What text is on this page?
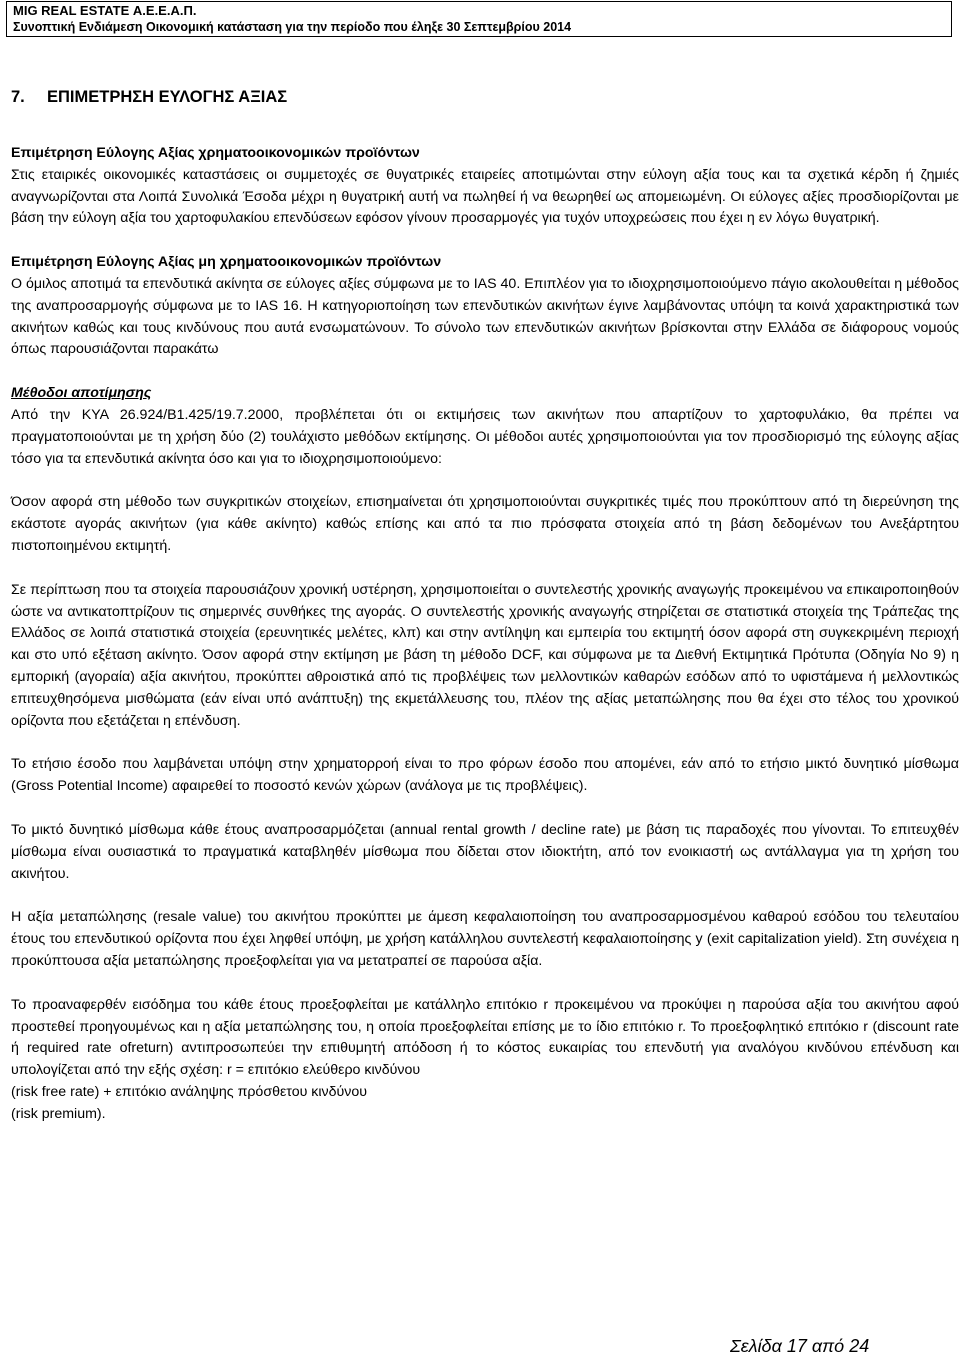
MIG REAL ESTATE Α.Ε.Ε.Α.Π.
Συνοπτική Ενδιάμεση Οικονομική κατάσταση για την περίοδο που έληξε 30 Σεπτεμβρίου 2014
7. ΕΠΙΜΕΤΡΗΣΗ ΕΥΛΟΓΗΣ ΑΞΙΑΣ

Επιμέτρηση Εύλογης Αξίας χρηματοοικονομικών προϊόντων

Στις εταιρικές οικονομικές καταστάσεις οι συμμετοχές σε θυγατρικές εταιρείες αποτιμώνται στην εύλογη αξία τους και τα σχετικά κέρδη ή ζημιές αναγνωρίζονται στα Λοιπά Συνολικά Έσοδα μέχρι η θυγατρική αυτή να πωληθεί ή να θεωρηθεί ως απομειωμένη. Οι εύλογες αξίες προσδιορίζονται με βάση την εύλογη αξία του χαρτοφυλακίου επενδύσεων εφόσον γίνουν προσαρμογές για τυχόν υποχρεώσεις που έχει η εν λόγω θυγατρική.

Επιμέτρηση Εύλογης Αξίας μη χρηματοοικονομικών προϊόντων

Ο όμιλος αποτιμά τα επενδυτικά ακίνητα σε εύλογες αξίες σύμφωνα με το IAS 40. Επιπλέον για το ιδιοχρησιμοποιούμενο πάγιο ακολουθείται η μέθοδος της αναπροσαρμογής σύμφωνα με το IAS 16. Η κατηγοριοποίηση των επενδυτικών ακινήτων έγινε λαμβάνοντας υπόψη τα κοινά χαρακτηριστικά των ακινήτων καθώς και τους κινδύνους που αυτά ενσωματώνουν. Το σύνολο των επενδυτικών ακινήτων βρίσκονται στην Ελλάδα σε διάφορους νομούς όπως παρουσιάζονται παρακάτω

Μέθοδοι αποτίμησης

Από την ΚΥΑ 26.924/Β1.425/19.7.2000, προβλέπεται ότι οι εκτιμήσεις των ακινήτων που απαρτίζουν το χαρτοφυλάκιο, θα πρέπει να πραγματοποιούνται με τη χρήση δύο (2) τουλάχιστο μεθόδων εκτίμησης. Οι μέθοδοι αυτές χρησιμοποιούνται για τον προσδιορισμό της εύλογης αξίας τόσο για τα επενδυτικά ακίνητα όσο και για το ιδιοχρησιμοποιούμενο:

Όσον αφορά στη μέθοδο των συγκριτικών στοιχείων, επισημαίνεται ότι χρησιμοποιούνται συγκριτικές τιμές που προκύπτουν από τη διερεύνηση της εκάστοτε αγοράς ακινήτων (για κάθε ακίνητο) καθώς επίσης και από τα πιο πρόσφατα στοιχεία από τη βάση δεδομένων του Ανεξάρτητου πιστοποιημένου εκτιμητή.

Σε περίπτωση που τα στοιχεία παρουσιάζουν χρονική υστέρηση, χρησιμοποιείται ο συντελεστής χρονικής αναγωγής προκειμένου να επικαιροποιηθούν ώστε να αντικατοπτρίζουν τις σημερινές συνθήκες της αγοράς. Ο συντελεστής χρονικής αναγωγής στηρίζεται σε στατιστικά στοιχεία της Τράπεζας της Ελλάδος σε λοιπά στατιστικά στοιχεία (ερευνητικές μελέτες, κλπ) και στην αντίληψη και εμπειρία του εκτιμητή όσον αφορά στη συγκεκριμένη περιοχή και στο υπό εξέταση ακίνητο. Όσον αφορά στην εκτίμηση με βάση τη μέθοδο DCF, και σύμφωνα με τα Διεθνή Εκτιμητικά Πρότυπα (Οδηγία Νο 9) η εμπορική (αγοραία) αξία ακινήτου, προκύπτει αθροιστικά από τις προβλέψεις των μελλοντικών καθαρών εσόδων από το υφιστάμενα ή μελλοντικώς επιτευχθησόμενα μισθώματα (εάν είναι υπό ανάπτυξη) της εκμετάλλευσης του, πλέον της αξίας μεταπώλησης που θα έχει στο τέλος του χρονικού ορίζοντα που εξετάζεται η επένδυση.

Το ετήσιο έσοδο που λαμβάνεται υπόψη στην χρηματορροή είναι το προ φόρων έσοδο που απομένει, εάν από το ετήσιο μικτό δυνητικό μίσθωμα (Gross Potential Income) αφαιρεθεί το ποσοστό κενών χώρων (ανάλογα με τις προβλέψεις).

Το μικτό δυνητικό μίσθωμα κάθε έτους αναπροσαρμόζεται (annual rental growth / decline rate) με βάση τις παραδοχές που γίνονται. Το επιτευχθέν μίσθωμα είναι ουσιαστικά το πραγματικά καταβληθέν μίσθωμα που δίδεται στον ιδιοκτήτη, από τον ενοικιαστή ως αντάλλαγμα για τη χρήση του ακινήτου.

Η αξία μεταπώλησης (resale value) του ακινήτου προκύπτει με άμεση κεφαλαιοποίηση του αναπροσαρμοσμένου καθαρού εσόδου του τελευταίου έτους του επενδυτικού ορίζοντα που έχει ληφθεί υπόψη, με χρήση κατάλληλου συντελεστή κεφαλαιοποίησης y (exit capitalization yield). Στη συνέχεια η προκύπτουσα αξία μεταπώλησης προεξοφλείται για να μετατραπεί σε παρούσα αξία.

Το προαναφερθέν εισόδημα του κάθε έτους προεξοφλείται με κατάλληλο επιτόκιο r προκειμένου να προκύψει η παρούσα αξία του ακινήτου αφού προστεθεί προηγουμένως και η αξία μεταπώλησης του, η οποία προεξοφλείται επίσης με το ίδιο επιτόκιο r. Το προεξοφλητικό επιτόκιο r (discount rate ή required rate ofreturn) αντιπροσωπεύει την επιθυμητή απόδοση ή το κόστος ευκαιρίας του επενδυτή για αναλόγου κινδύνου επένδυση και υπολογίζεται από την εξής σχέση: r = επιτόκιο ελεύθερο κινδύνου

(risk free rate) + επιτόκιο ανάληψης πρόσθετου κινδύνου

(risk premium).

Σελίδα 17 από 24
